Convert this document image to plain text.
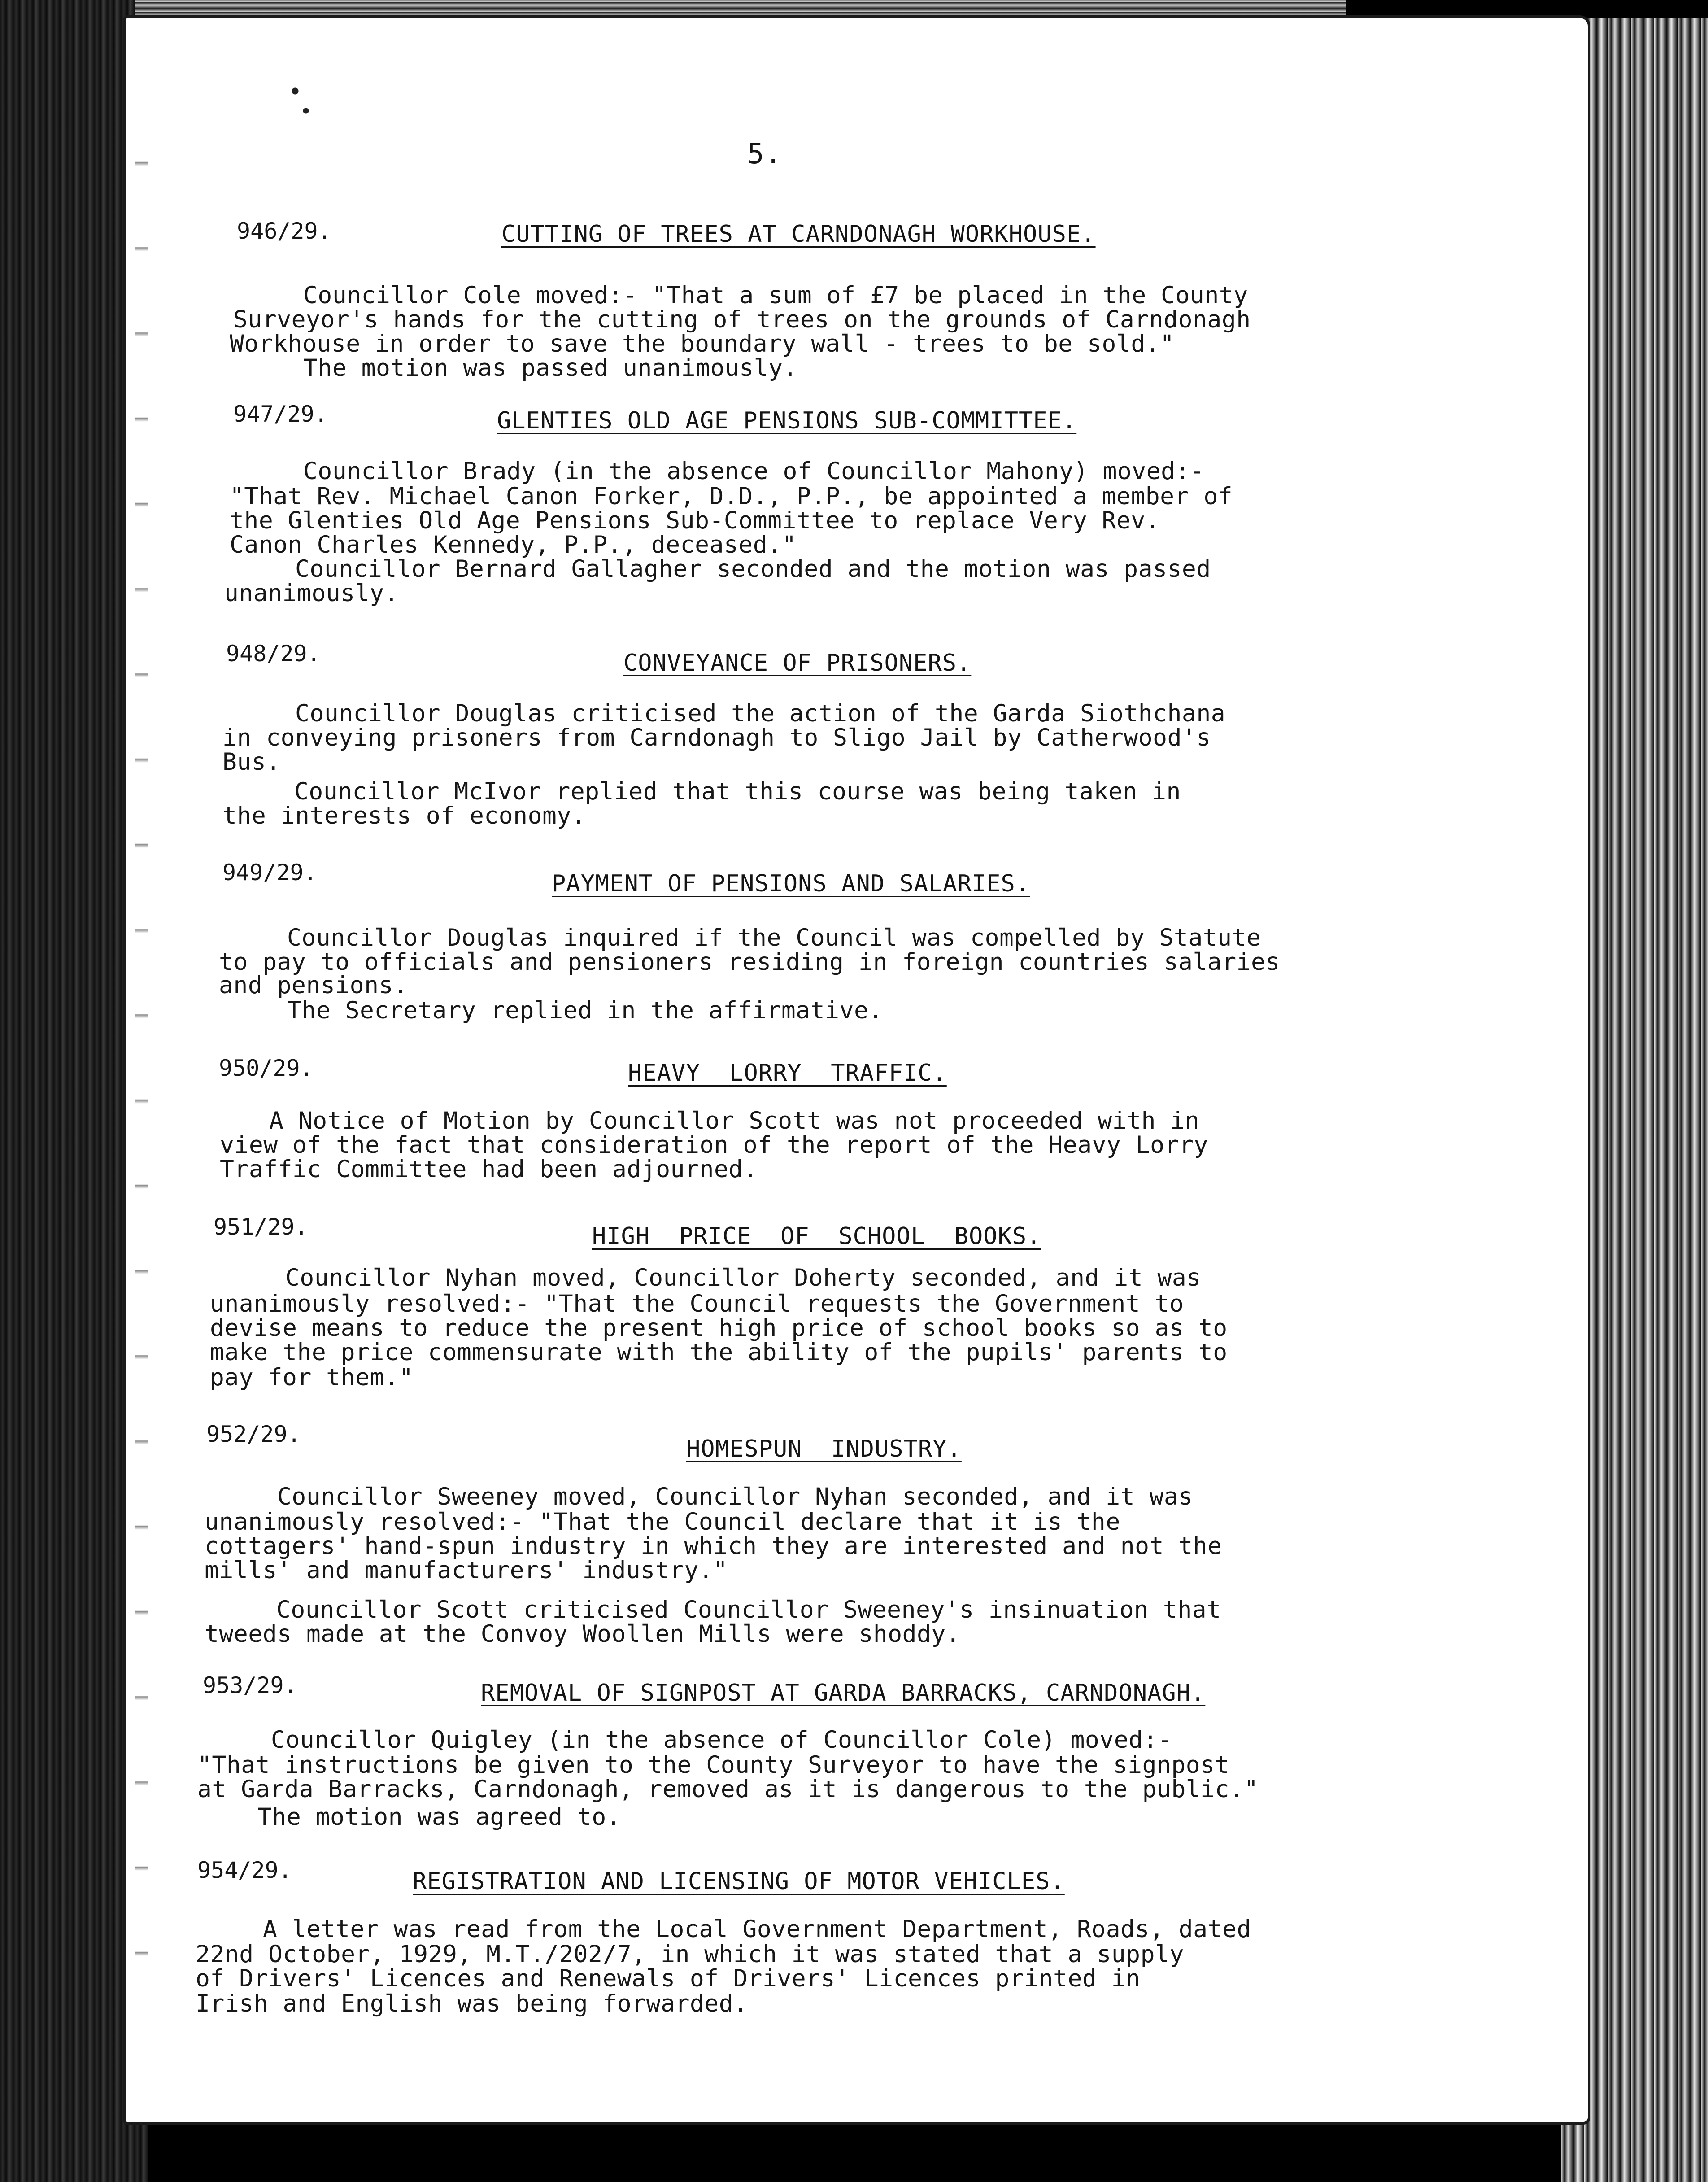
5.
946/29.	CUTTING OF TREES AT CARNDONAGH WORKHOUSE.
Councillor Cole moved:- "That a sum of £7 be placed in the County
Surveyor's hands for the cutting of trees on the grounds of Carndonagh
Workhouse in order to save the boundary wall - trees to be sold."
The motion was passed unanimously.
947/29.	GLENTIES OLD AGE PENSIONS SUB-COMMITTEE.
Councillor Brady (in the absence of Councillor Mahony) moved:-
"That Rev. Michael Canon Forker, D.D., P.P., be appointed a member of
the Glenties Old Age Pensions Sub-Committee to replace Very Rev.
Canon Charles Kennedy, P.P., deceased."
Councillor Bernard Gallagher seconded and the motion was passed
unanimously.
948/29.	CONVEYANCE OF PRISONERS.
Councillor Douglas criticised the action of the Garda Siothchana
in conveying prisoners from Carndonagh to Sligo Jail by Catherwood's
Bus.
Councillor McIvor replied that this course was being taken in
the interests of economy.
949/29.	PAYMENT OF PENSIONS AND SALARIES.
Councillor Douglas inquired if the Council was compelled by Statute
to pay to officials and pensioners residing in foreign countries salaries
and pensions.
The Secretary replied in the affirmative.
950/29.	HEAVY  LORRY  TRAFFIC.
A Notice of Motion by Councillor Scott was not proceeded with in
view of the fact that consideration of the report of the Heavy Lorry
Traffic Committee had been adjourned.
951/29.	HIGH  PRICE  OF  SCHOOL  BOOKS.
Councillor Nyhan moved, Councillor Doherty seconded, and it was
unanimously resolved:- "That the Council requests the Government to
devise means to reduce the present high price of school books so as to
make the price commensurate with the ability of the pupils' parents to
pay for them."
952/29.
HOMESPUN  INDUSTRY.
Councillor Sweeney moved, Councillor Nyhan seconded, and it was
unanimously resolved:- "That the Council declare that it is the
cottagers' hand-spun industry in which they are interested and not the
mills' and manufacturers' industry."
Councillor Scott criticised Councillor Sweeney's insinuation that
tweeds made at the Convoy Woollen Mills were shoddy.
953/29.	REMOVAL OF SIGNPOST AT GARDA BARRACKS, CARNDONAGH.
Councillor Quigley (in the absence of Councillor Cole) moved:-
"That instructions be given to the County Surveyor to have the signpost
at Garda Barracks, Carndonagh, removed as it is dangerous to the public."
The motion was agreed to.
954/29.	REGISTRATION AND LICENSING OF MOTOR VEHICLES.
A letter was read from the Local Government Department, Roads, dated
22nd October, 1929, M.T./202/7, in which it was stated that a supply
of Drivers' Licences and Renewals of Drivers' Licences printed in
Irish and English was being forwarded.
